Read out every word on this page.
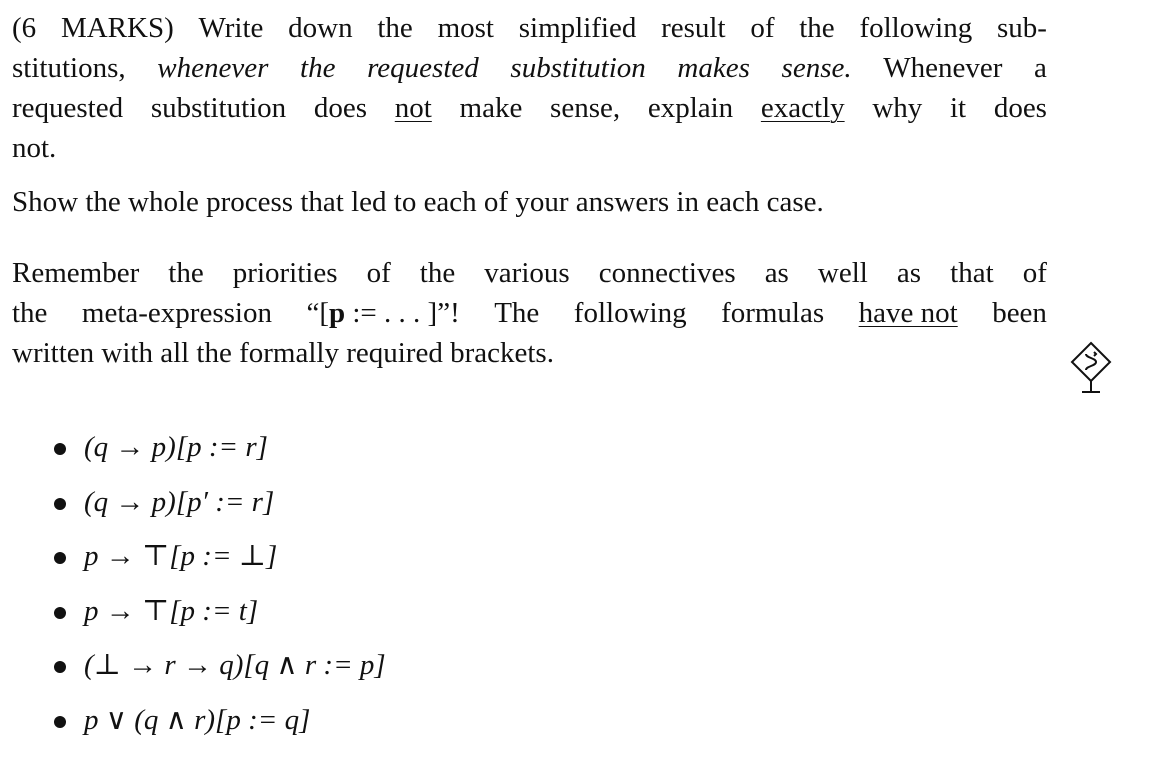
(6 MARKS) Write down the most simplified result of the following sub-
stitutions, whenever the requested substitution makes sense. Whenever a
requested substitution does not make sense, explain exactly why it does
not.
Show the whole process that led to each of your answers in each case.
Remember the priorities of the various connectives as well as that of
the meta-expression “[p := . . . ]”! The following formulas have not been
written with all the formally required brackets.
(q → p)[p := r]
(q → p)[p′ := r]
p → ⊤[p := ⊥]
p → ⊤[p := t]
(⊥ → r → q)[q ∧ r := p]
p ∨ (q ∧ r)[p := q]
